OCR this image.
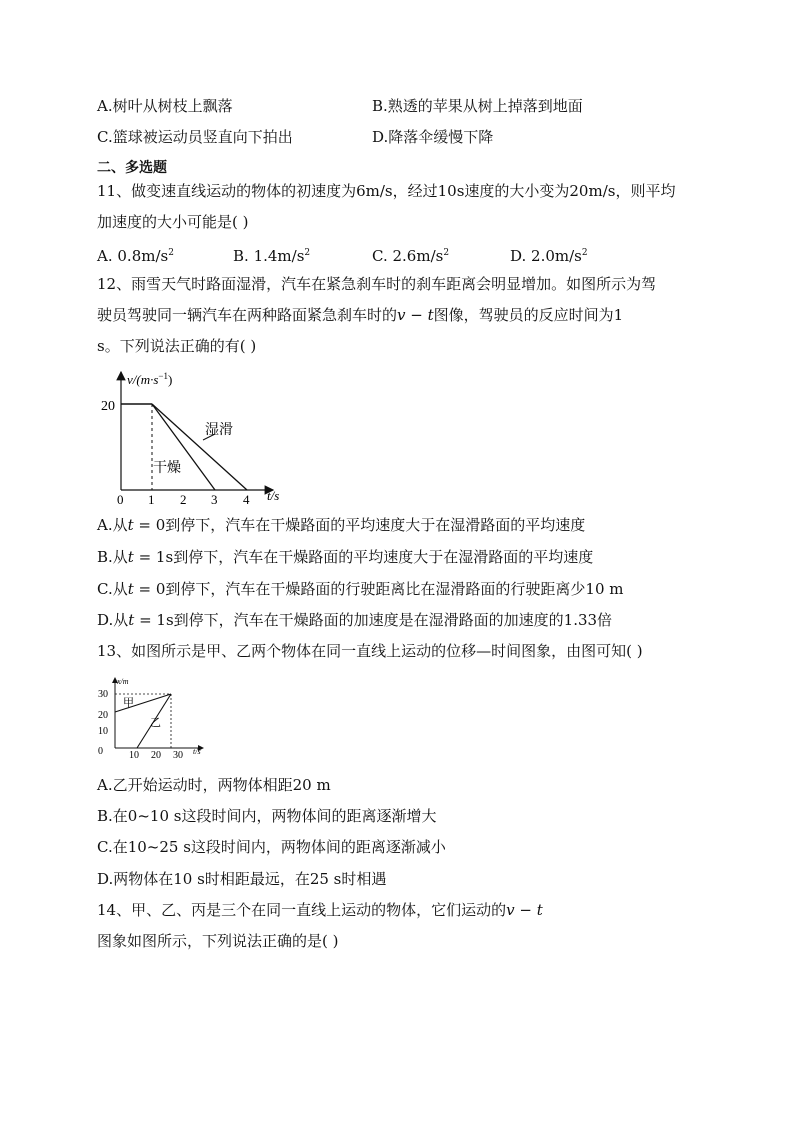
A.树叶从树枝上飘落	B.熟透的苹果从树上掉落到地面
C.篮球被运动员竖直向下拍出	D.降落伞缓慢下降
二、多选题
11、做变速直线运动的物体的初速度为6m/s，经过10s速度的大小变为20m/s，则平均
加速度的大小可能是( )
A. $0.8m/s^2$	B. $1.4m/s^2$	C. $2.6m/s^2$	D. $2.0m/s^2$
12、雨雪天气时路面湿滑，汽车在紧急刹车时的刹车距离会明显增加。如图所示为驾
驶员驾驶同一辆汽车在两种路面紧急刹车时的v − t图像，驾驶员的反应时间为1
s。下列说法正确的有( )
$v/(m\cdot s^{-1})$
20
湿滑
干燥
0 1 2 3 4 t/s
A.从t = 0到停下，汽车在干燥路面的平均速度大于在湿滑路面的平均速度
B.从t = 1s到停下，汽车在干燥路面的平均速度大于在湿滑路面的平均速度
C.从t = 0到停下，汽车在干燥路面的行驶距离比在湿滑路面的行驶距离少10 m
D.从t = 1s到停下，汽车在干燥路面的加速度是在湿滑路面的加速度的1.33倍
13、如图所示是甲、乙两个物体在同一直线上运动的位移—时间图象，由图可知( )
x/m
30
20
10
0
甲
乙
10 20 30 t/s
A.乙开始运动时，两物体相距20 m
B.在0~10 s这段时间内，两物体间的距离逐渐增大
C.在10~25 s这段时间内，两物体间的距离逐渐减小
D.两物体在10 s时相距最远，在25 s时相遇
14、甲、乙、丙是三个在同一直线上运动的物体，它们运动的v − t
图象如图所示，下列说法正确的是( )
